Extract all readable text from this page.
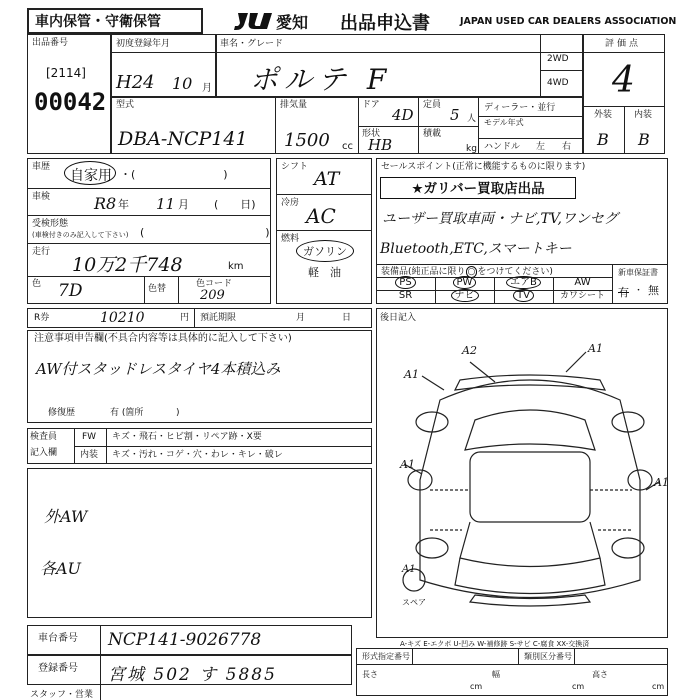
車内保管・守衛保管	愛知 出品申込書	JAPAN USED CAR DEALERS ASSOCIATION
出品番号
[2114]
00042
初度登録年月
H24 10 月
車名・グレード
ポルテ F
2WD
4WD
型式
DBA-NCP141
排気量
1500 cc
ドア
4D
形状
HB
定員
5 人
積載
kg
ディーラー・並行
モデル年式
ハンドル 左 右
評価点
4
外装 内装
B B
車歴
自家用 ・(　　　　　　　　)
車検	R8 年 11 月 (　　日)
受検形態
(車検付きのみ記入して下さい) (　　　　　　　　　　　)
走行
10万2千748	km
色 7D	色替	色コード
209
シフト
AT
冷房
AC
燃料
ガソリン
軽　油
セールスポイント(正常に機能するものに限ります)
★ガリバー買取店出品
ユーザー買取車両・ナビ,TV,ワンセグ
Bluetooth,ETC,スマートキー
装備品(純正品に限り ○ をつけてください)	新車保証書
有 ・ 無
PS	PW	エアB	AW
SR	ナビ	TV	カワシート
R券	10210	円 預託期限	月	日
注意事項申告欄(不具合内容等は具体的に記入して下さい)
AW付スタッドレスタイヤ4本積込み
修復歴	有 (箇所	)
検査員
記入欄
FW キズ・飛石・ヒビ割・リペア跡・X要
内装 キズ・汚れ・コゲ・穴・わレ・キレ・破レ
外AW
各AU
後日記入
A2	A1
A1
A1
A1
A1
スペア
A-キズ E-エクボ U-凹み W-補修跡 S-サビ C-腐食 XX-交換済
車台番号 NCP141-9026778
登録番号 宮城 502 す 5885
スタッフ・営業
形式指定番号	類別区分番号
長さ
cm
幅
cm
高さ
cm
